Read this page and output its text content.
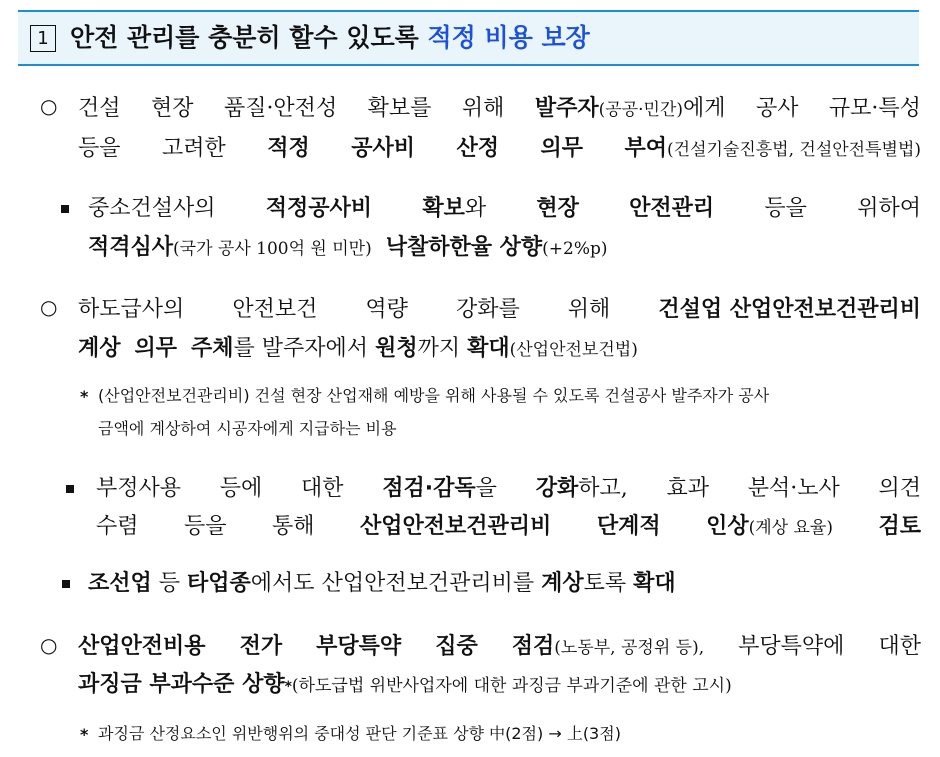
1 안전 관리를 충분히 할수 있도록 적정 비용 보장
○ 건설 현장 품질·안전성 확보를 위해 발주자(공공·민간)에게 공사 규모·특성
등을 고려한 적정 공사비 산정 의무 부여(건설기술진흥법, 건설안전특별법)
중소건설사의 적정공사비 확보와 현장 안전관리 등을 위하여
적격심사 (국가 공사 100억 원 미만) 낙찰하한율 상향 (+2%p)
○ 하도급사의 안전보건 역량 강화를 위해 건설업 산업안전보건관리비
계상
의무
주체 를 발주자에서
원청 까지
확대 (산업안전보건법)
* (산업안전보건관리비) 건설 현장 산업재해 예방을 위해 사용될 수 있도록 건설공사 발주자가 공사
금액에 계상하여 시공자에게 지급하는 비용
부정사용 등에 대한 점검·감독을 강화하고, 효과 분석·노사 의견
수렴 등을 통해 산업안전보건관리비 단계적 인상(계상 요율) 검토
조선업
등
타업종 에서도
산업안전보건관리비를
계상 토록
확대
○ 산업안전비용 전가 부당특약 집중 점검(노동부, 공정위 등), 부당특약에 대한
과징금 부과수준 상향 * (하도급법 위반사업자에 대한 과징금 부과기준에 관한 고시)
* 과징금 산정요소인 위반행위의 중대성 판단 기준표 상향 中(2점) → 上(3점)
